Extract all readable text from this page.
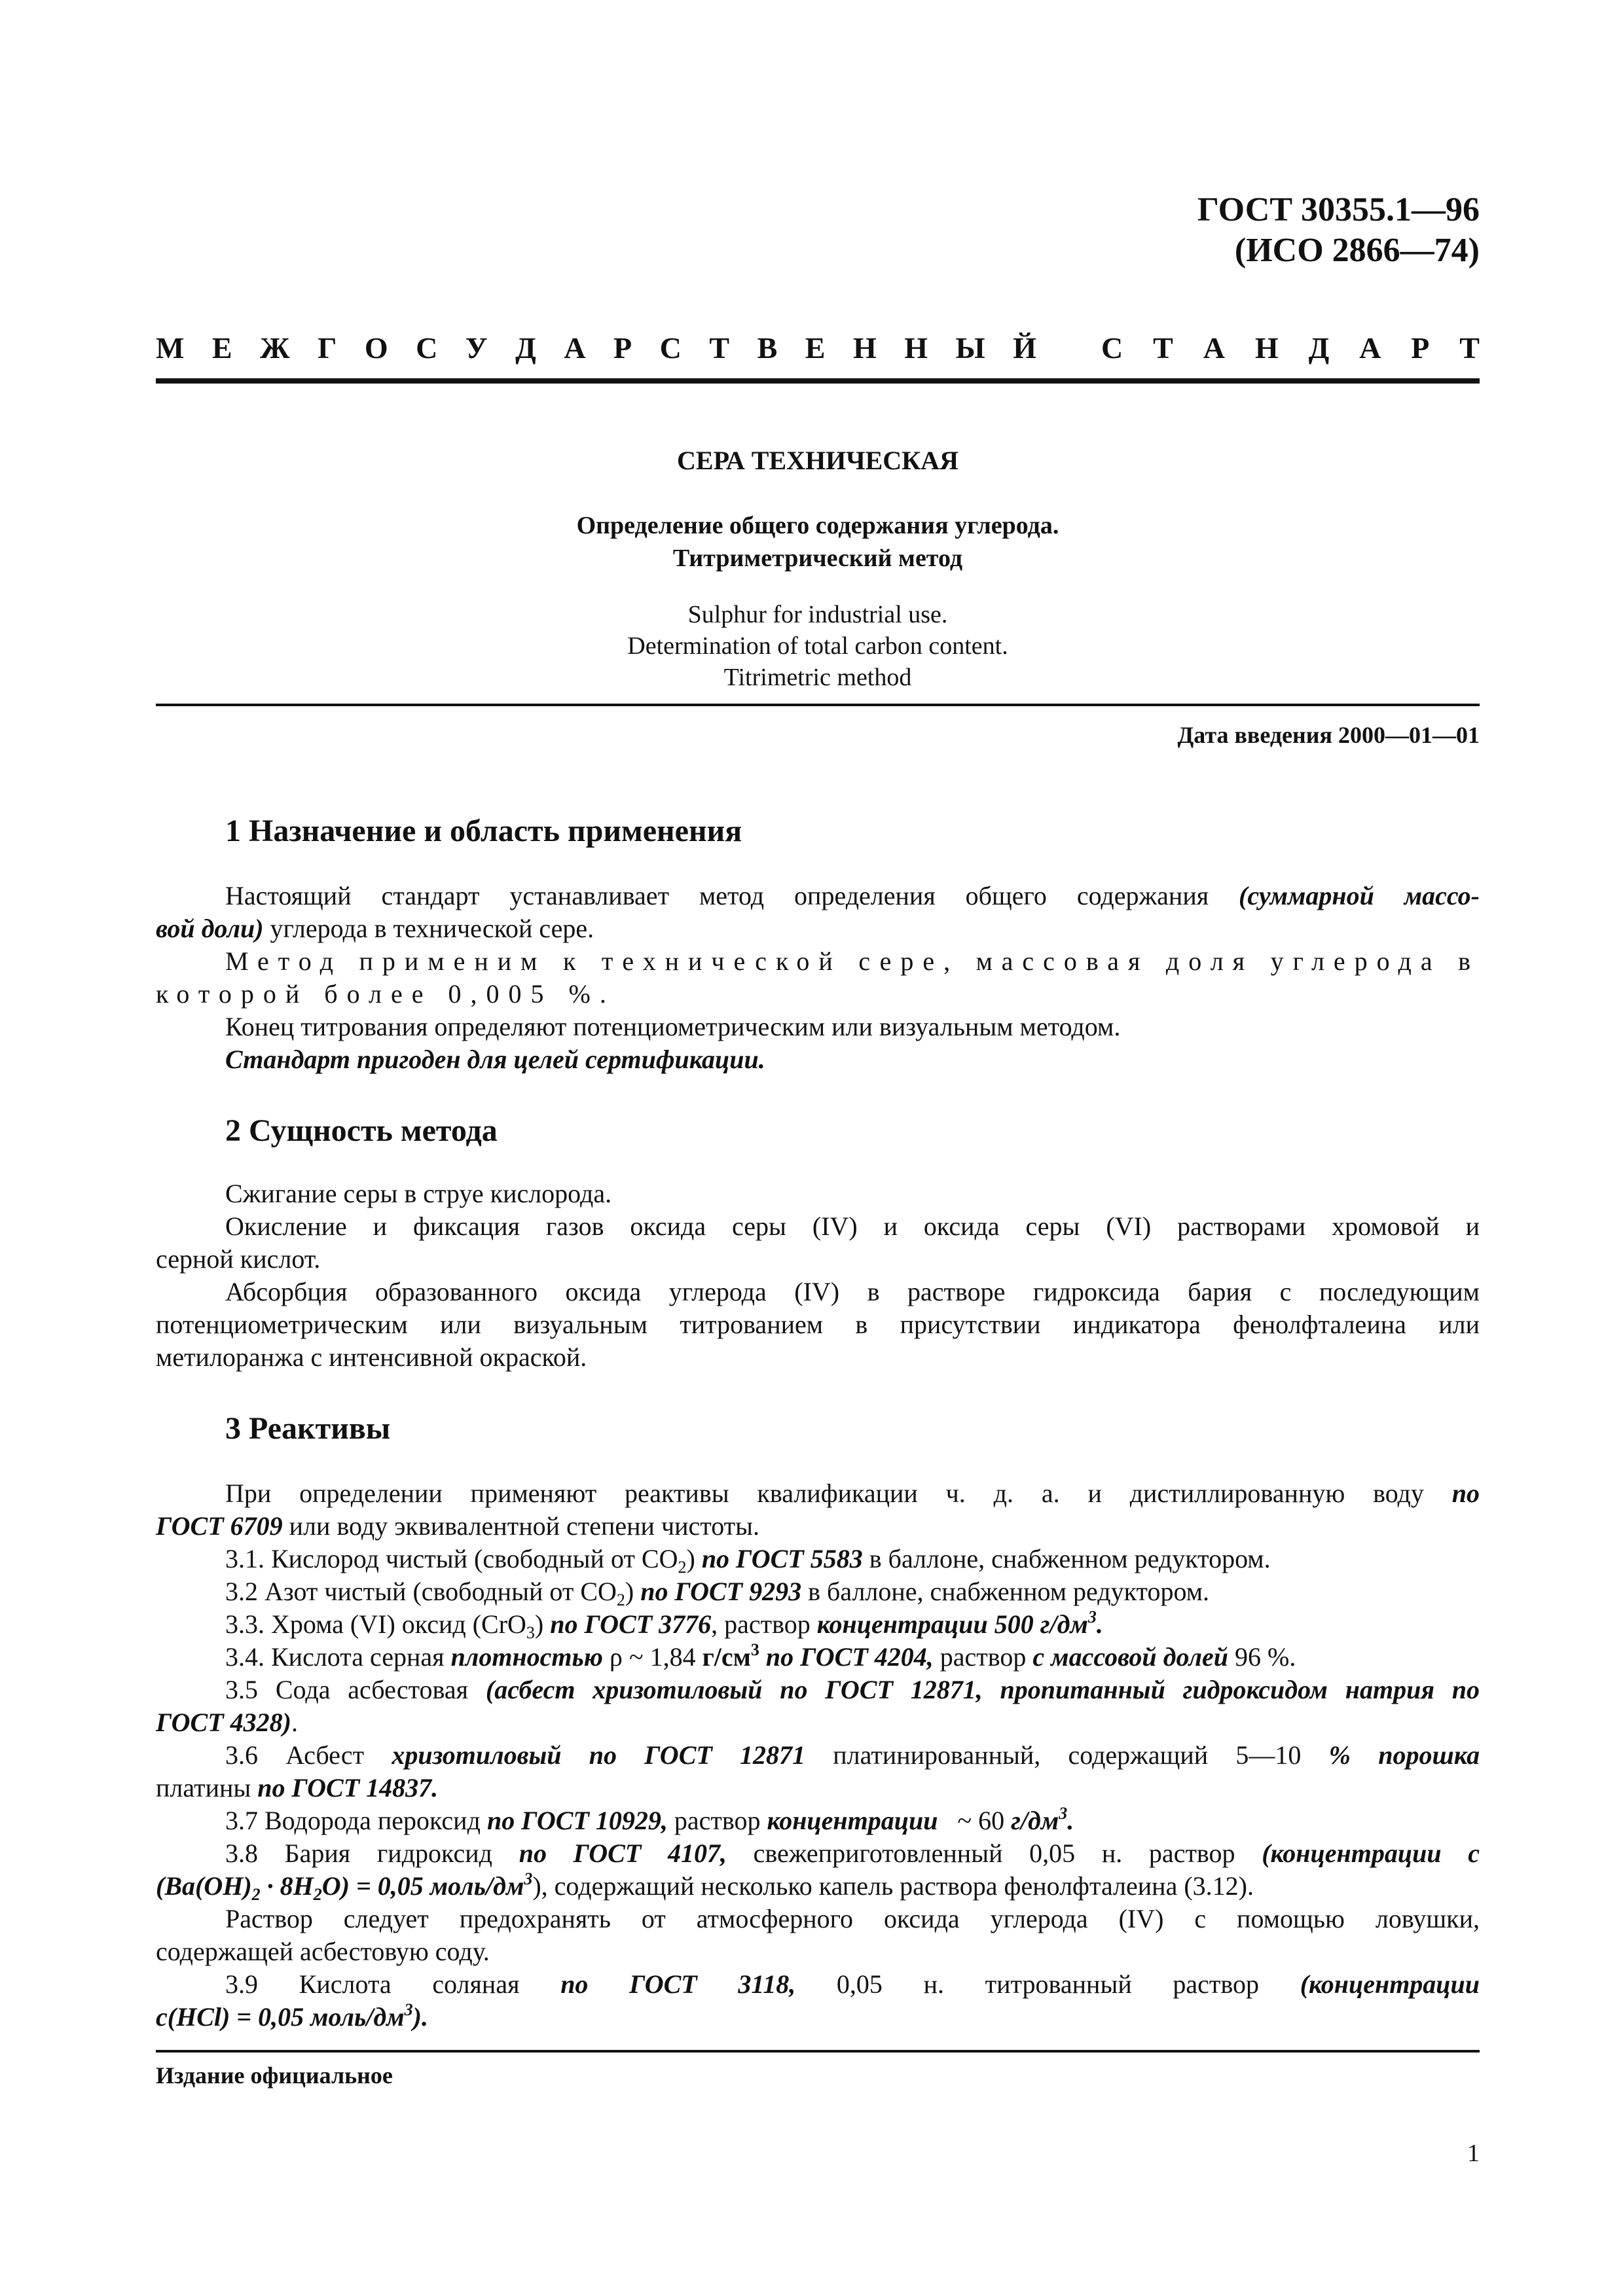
ГОСТ 30355.1—96
(ИСО 2866—74)
М Е Ж Г О С У Д А Р С Т В Е Н Н Ы Й С Т А Н Д А Р Т
СЕРА ТЕХНИЧЕСКАЯ
Определение общего содержания углерода.
Титриметрический метод
Sulphur for industrial use.
Determination of total carbon content.
Titrimetric method
Дата введения 2000—01—01
1 Назначение и область применения
Настоящий стандарт устанавливает метод определения общего содержания (суммарной массо-
вой доли) углерода в технической сере.
Метод применим к технической сере, массовая доля углерода в
которой более 0,005 %.
Конец титрования определяют потенциометрическим или визуальным методом.
Стандарт пригоден для целей сертификации.
2 Сущность метода
Сжигание серы в струе кислорода.
Окисление и фиксация газов оксида серы (IV) и оксида серы (VI) растворами хромовой и
серной кислот.
Абсорбция образованного оксида углерода (IV) в растворе гидроксида бария с последующим
потенциометрическим или визуальным титрованием в присутствии индикатора фенолфталеина или
метилоранжа с интенсивной окраской.
3 Реактивы
При определении применяют реактивы квалификации ч. д. а. и дистиллированную воду по
ГОСТ 6709 или воду эквивалентной степени чистоты.
3.1. Кислород чистый (свободный от $СО_2$) по ГОСТ 5583 в баллоне, снабженном редуктором.
3.2 Азот чистый (свободный от $СО_2$) по ГОСТ 9293 в баллоне, снабженном редуктором.
3.3. Хрома (VI) оксид (СrО$_3$) по ГОСТ 3776, раствор концентрации 500 $г/дм^3$.
3.4. Кислота серная плотностью ρ ~ 1,84 $г/см^3$ по ГОСТ 4204, раствор с массовой долей 96 %.
3.5 Сода асбестовая (асбест хризотиловый по ГОСТ 12871, пропитанный гидроксидом натрия по
ГОСТ 4328).
3.6 Асбест хризотиловый по ГОСТ 12871 платинированный, содержащий 5—10 % порошка
платины по ГОСТ 14837.
3.7 Водорода пероксид по ГОСТ 10929, раствор концентрации ~ 60 $г/дм^3$.
3.8 Бария гидроксид по ГОСТ 4107, свежеприготовленный 0,05 н. раствор (концентрации с
$(Ва(ОН)_2 \cdot 8Н_2O) = 0,05$ моль/$дм^3$), содержащий несколько капель раствора фенолфталеина (3.12).
Раствор следует предохранять от атмосферного оксида углерода (IV) с помощью ловушки,
содержащей асбестовую соду.
3.9 Кислота соляная по ГОСТ 3118, 0,05 н. титрованный раствор (концентрации
c(HCl) = 0,05 моль/$дм^3$).
Издание официальное
1
